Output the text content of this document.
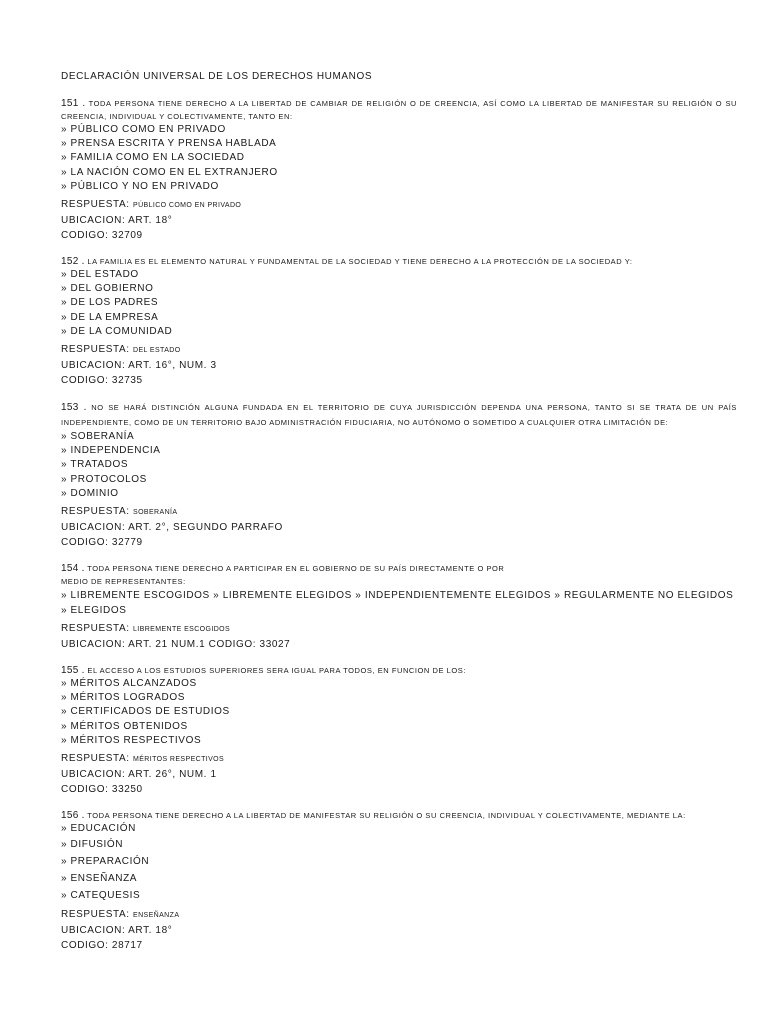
DECLARACIÓN UNIVERSAL DE LOS DERECHOS HUMANOS
151 . TODA PERSONA TIENE DERECHO A LA LIBERTAD DE CAMBIAR DE RELIGIÓN O DE CREENCIA, ASÍ COMO LA LIBERTAD DE MANIFESTAR SU RELIGIÓN O SU CREENCIA, INDIVIDUAL Y COLECTIVAMENTE, TANTO EN:
» PÚBLICO COMO EN PRIVADO
» PRENSA ESCRITA Y PRENSA HABLADA
» FAMILIA COMO EN LA SOCIEDAD
» LA NACIÓN COMO EN EL EXTRANJERO
» PÚBLICO Y NO EN PRIVADO
RESPUESTA: PÚBLICO COMO EN PRIVADO
UBICACION: ART. 18°
CODIGO: 32709
152 . LA FAMILIA ES EL ELEMENTO NATURAL Y FUNDAMENTAL DE LA SOCIEDAD Y TIENE DERECHO A LA PROTECCIÓN DE LA SOCIEDAD Y:
» DEL ESTADO
» DEL GOBIERNO
» DE LOS PADRES
» DE LA EMPRESA
» DE LA COMUNIDAD
RESPUESTA: DEL ESTADO
UBICACION: ART. 16°, NUM. 3
CODIGO: 32735
153 . NO SE HARÁ DISTINCIÓN ALGUNA FUNDADA EN EL TERRITORIO DE CUYA JURISDICCIÓN DEPENDA UNA PERSONA, TANTO SI SE TRATA DE UN PAÍS INDEPENDIENTE, COMO DE UN TERRITORIO BAJO ADMINISTRACIÓN FIDUCIARIA, NO AUTÓNOMO O SOMETIDO A CUALQUIER OTRA LIMITACIÓN DE:
» SOBERANÍA
» INDEPENDENCIA
» TRATADOS
» PROTOCOLOS
» DOMINIO
RESPUESTA: SOBERANÍA
UBICACION: ART. 2°, SEGUNDO PARRAFO
CODIGO: 32779
154 . TODA PERSONA TIENE DERECHO A PARTICIPAR EN EL GOBIERNO DE SU PAÍS DIRECTAMENTE O POR
MEDIO DE REPRESENTANTES:
» LIBREMENTE ESCOGIDOS » LIBREMENTE ELEGIDOS » INDEPENDIENTEMENTE ELEGIDOS » REGULARMENTE NO ELEGIDOS » ELEGIDOS
RESPUESTA: LIBREMENTE ESCOGIDOS
UBICACION: ART. 21 NUM.1 CODIGO: 33027
155 . EL ACCESO A LOS ESTUDIOS SUPERIORES SERA IGUAL PARA TODOS, EN FUNCION DE LOS:
» MÉRITOS ALCANZADOS
» MÉRITOS LOGRADOS
» CERTIFICADOS DE ESTUDIOS
» MÉRITOS OBTENIDOS
» MÉRITOS RESPECTIVOS
RESPUESTA: MÉRITOS RESPECTIVOS
UBICACION: ART. 26°, NUM. 1
CODIGO: 33250
156 . TODA PERSONA TIENE DERECHO A LA LIBERTAD DE MANIFESTAR SU RELIGIÓN O SU CREENCIA, INDIVIDUAL Y COLECTIVAMENTE, MEDIANTE LA:
» EDUCACIÓN
» DIFUSIÓN
» PREPARACIÓN
» ENSEÑANZA
» CATEQUESIS
RESPUESTA: ENSEÑANZA
UBICACION: ART. 18°
CODIGO: 28717
